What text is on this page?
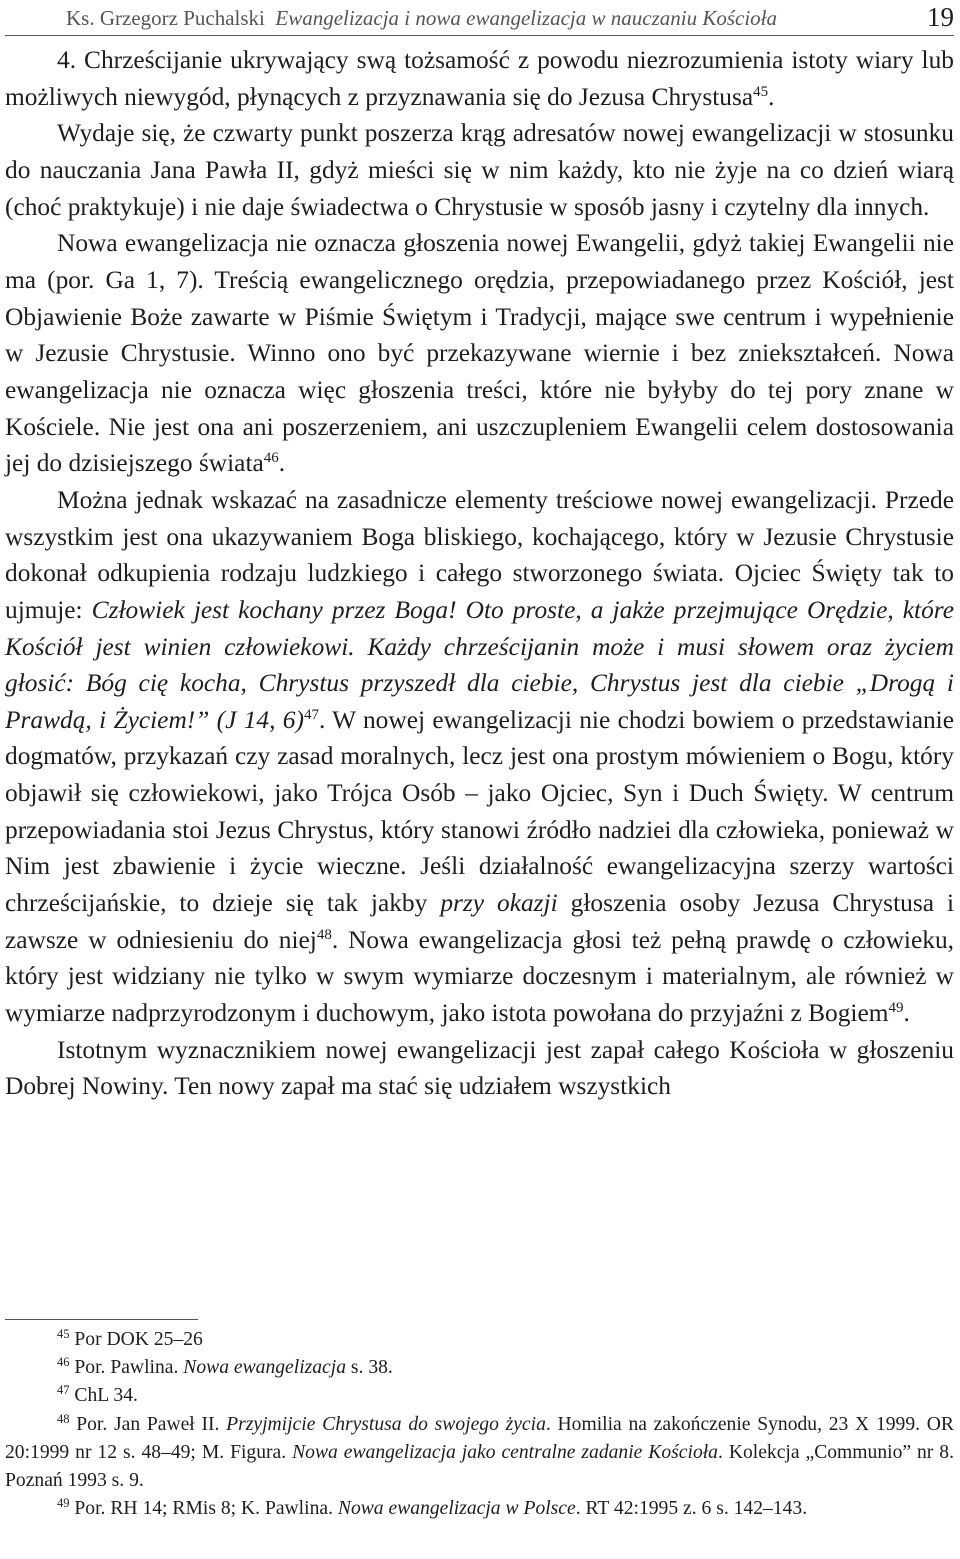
Ks. Grzegorz Puchalski Ewangelizacja i nowa ewangelizacja w nauczaniu Kościoła	19

4. Chrześcijanie ukrywający swą tożsamość z powodu niezrozumienia istoty wiary lub możliwych niewygód, płynących z przyznawania się do Jezusa Chrystusa$^{45}$.

Wydaje się, że czwarty punkt poszerza krąg adresatów nowej ewangelizacji w stosunku do nauczania Jana Pawła II, gdyż mieści się w nim każdy, kto nie żyje na co dzień wiarą (choć praktykuje) i nie daje świadectwa o Chrystusie w sposób jasny i czytelny dla innych.

Nowa ewangelizacja nie oznacza głoszenia nowej Ewangelii, gdyż takiej Ewangelii nie ma (por. Ga 1, 7). Treścią ewangelicznego orędzia, przepowiadanego przez Kościół, jest Objawienie Boże zawarte w Piśmie Świętym i Tradycji, mające swe centrum i wypełnienie w Jezusie Chrystusie. Winno ono być przekazywane wiernie i bez zniekształceń. Nowa ewangelizacja nie oznacza więc głoszenia treści, które nie byłyby do tej pory znane w Kościele. Nie jest ona ani poszerzeniem, ani uszczupleniem Ewangelii celem dostosowania jej do dzisiejszego świata$^{46}$.

Można jednak wskazać na zasadnicze elementy treściowe nowej ewangelizacji. Przede wszystkim jest ona ukazywaniem Boga bliskiego, kochającego, który w Jezusie Chrystusie dokonał odkupienia rodzaju ludzkiego i całego stworzonego świata. Ojciec Święty tak to ujmuje: Człowiek jest kochany przez Boga! Oto proste, a jakże przejmujące Orędzie, które Kościół jest winien człowiekowi. Każdy chrześcijanin może i musi słowem oraz życiem głosić: Bóg cię kocha, Chrystus przyszedł dla ciebie, Chrystus jest dla ciebie „Drogą i Prawdą, i Życiem!” (J 14, 6)$^{47}$. W nowej ewangelizacji nie chodzi bowiem o przedstawianie dogmatów, przykazań czy zasad moralnych, lecz jest ona prostym mówieniem o Bogu, który objawił się człowiekowi, jako Trójca Osób – jako Ojciec, Syn i Duch Święty. W centrum przepowiadania stoi Jezus Chrystus, który stanowi źródło nadziei dla człowieka, ponieważ w Nim jest zbawienie i życie wieczne. Jeśli działalność ewangelizacyjna szerzy wartości chrześcijańskie, to dzieje się tak jakby przy okazji głoszenia osoby Jezusa Chrystusa i zawsze w odniesieniu do niej$^{48}$. Nowa ewangelizacja głosi też pełną prawdę o człowieku, który jest widziany nie tylko w swym wymiarze doczesnym i materialnym, ale również w wymiarze nadprzyrodzonym i duchowym, jako istota powołana do przyjaźni z Bogiem$^{49}$.

Istotnym wyznacznikiem nowej ewangelizacji jest zapał całego Kościoła w głoszeniu Dobrej Nowiny. Ten nowy zapał ma stać się udziałem wszystkich

$^{45}$ Por DOK 25–26

$^{46}$ Por. Pawlina. Nowa ewangelizacja s. 38.

$^{47}$ ChL 34.

$^{48}$ Por. Jan Paweł II. Przyjmijcie Chrystusa do swojego życia. Homilia na zakończenie Synodu, 23 X 1999. OR 20:1999 nr 12 s. 48–49; M. Figura. Nowa ewangelizacja jako centralne zadanie Kościoła. Kolekcja „Communio” nr 8. Poznań 1993 s. 9.

$^{49}$ Por. RH 14; RMis 8; K. Pawlina. Nowa ewangelizacja w Polsce. RT 42:1995 z. 6 s. 142–143.
